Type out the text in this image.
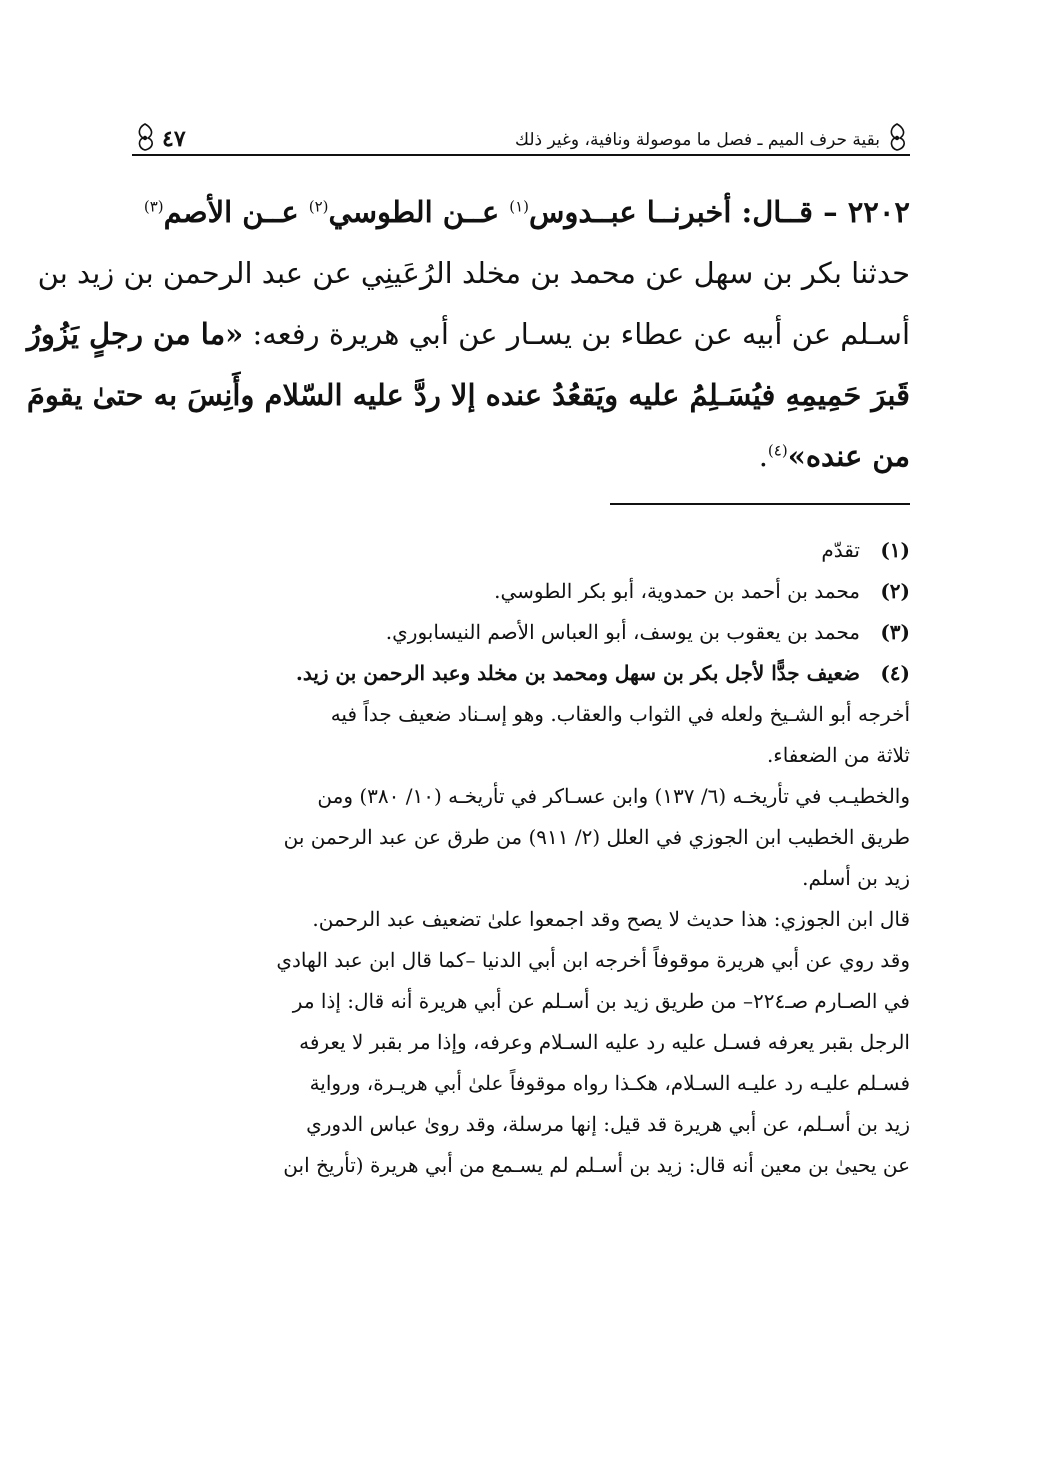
بقية حرف الميم ـ فصل ما موصولة ونافية، وغير ذلك
٤٧
٢٢٠٢ – قــال: أخبرنــا عبــدوس$^{(١)}$ عــن الطوسي$^{(٢)}$ عــن الأصم$^{(٣)}$
حدثنا بكر بن سهل عن محمد بن مخلد الرُعَينِي عن عبد الرحمن بن زيد بن
أسـلم عن أبيه عن عطاء بن يسـار عن أبي هريرة رفعه: «ما من رجلٍ يَزُورُ
قَبرَ حَمِيمِهِ فيُسَـلِمُ عليه ويَقعُدُ عنده إلا ردَّ عليه السّلام وأَنِسَ به حتىٰ يقومَ
من عنده»$^{(٤)}$.
(١)
تقدّم
(٢)
محمد بن أحمد بن حمدوية، أبو بكر الطوسي.
(٣)
محمد بن يعقوب بن يوسف، أبو العباس الأصم النيسابوري.
(٤)
ضعيف جدًّا لأجل بكر بن سهل ومحمد بن مخلد وعبد الرحمن بن زيد.
أخرجه أبو الشـيخ ولعله في الثواب والعقاب. وهو إسـناد ضعيف جداً فيه
ثلاثة من الضعفاء.
والخطيـب في تأريخـه (٦/ ١٣٧) وابن عسـاكر في تأريخـه (١٠/ ٣٨٠) ومن
طريق الخطيب ابن الجوزي في العلل (٢/ ٩١١) من طرق عن عبد الرحمن بن
زيد بن أسلم.
قال ابن الجوزي: هذا حديث لا يصح وقد اجمعوا علىٰ تضعيف عبد الرحمن.
وقد روي عن أبي هريرة موقوفاً أخرجه ابن أبي الدنيا –كما قال ابن عبد الهادي
في الصـارم صـ٢٢٤– من طريق زيد بن أسـلم عن أبي هريرة أنه قال: إذا مر
الرجل بقبر يعرفه فسـل عليه رد عليه السـلام وعرفه، وإذا مر بقبر لا يعرفه
فسـلم عليـه رد عليـه السـلام، هكـذا رواه موقوفاً علىٰ أبي هريـرة، ورواية
زيد بن أسـلم، عن أبي هريرة قد قيل: إنها مرسلة، وقد روىٰ عباس الدوري
عن يحيىٰ بن معين أنه قال: زيد بن أسـلم لم يسـمع من أبي هريرة (تأريخ ابن
